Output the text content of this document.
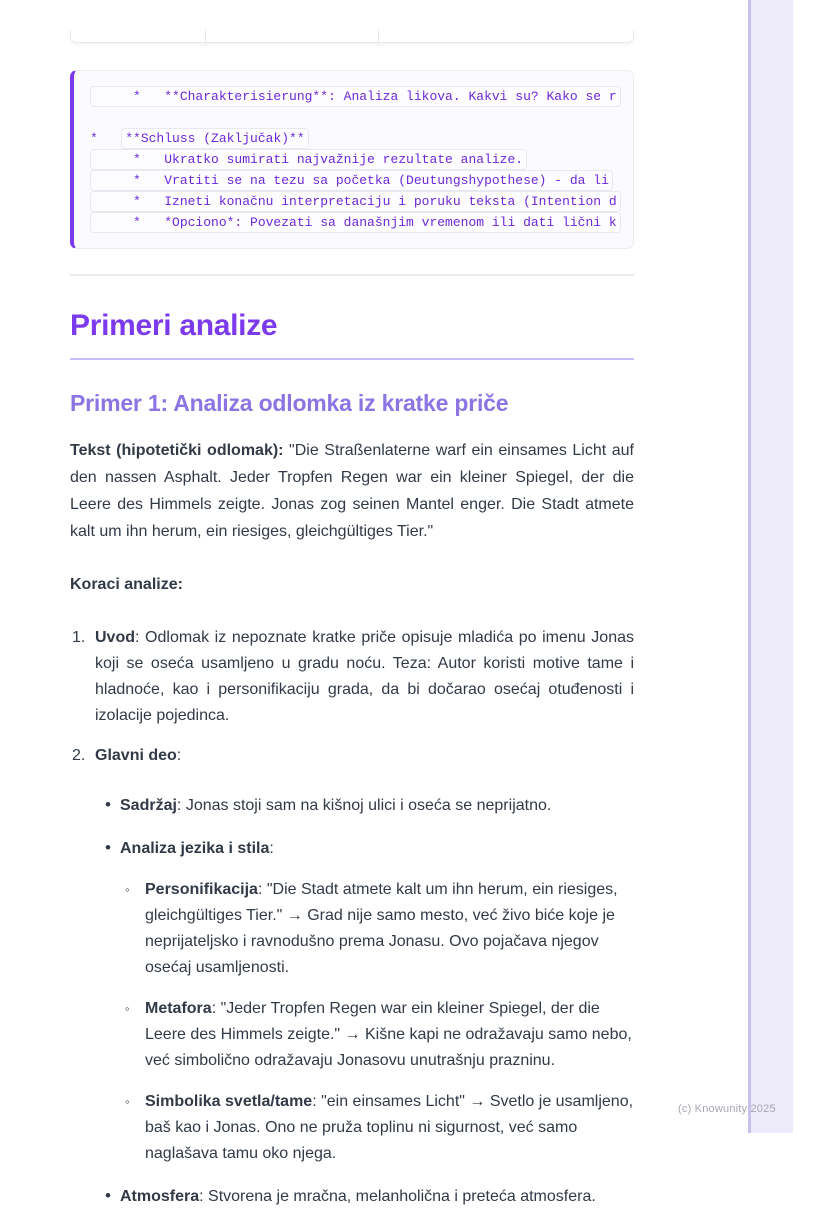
*   **Charakterisierung**: Analiza likova. Kakvi su? Kako se r
*   **Schluss (Zaključak)**
*   Ukratko sumirati najvažnije rezultate analize.
*   Vratiti se na tezu sa početka (Deutungshypothese) - da li
*   Izneti konačnu interpretaciju i poruku teksta (Intention d
*   *Opciono*: Povezati sa današnjim vremenom ili dati lični k
Primeri analize
Primer 1: Analiza odlomka iz kratke priče

Tekst (hipotetički odlomak): "Die Straßenlaterne warf ein einsames Licht auf den nassen Asphalt. Jeder Tropfen Regen war ein kleiner Spiegel, der die Leere des Himmels zeigte. Jonas zog seinen Mantel enger. Die Stadt atmete kalt um ihn herum, ein riesiges, gleichgültiges Tier."

Koraci analize:

1. Uvod: Odlomak iz nepoznate kratke priče opisuje mladića po imenu Jonas koji se oseća usamljeno u gradu noću. Teza: Autor koristi motive tame i hladnoće, kao i personifikaciju grada, da bi dočarao osećaj otuđenosti i izolacije pojedinca.
2. Glavni deo:
• Sadržaj: Jonas stoji sam na kišnoj ulici i oseća se neprijatno.
• Analiza jezika i stila:
◦ Personifikacija: "Die Stadt atmete kalt um ihn herum, ein riesiges, gleichgültiges Tier." → Grad nije samo mesto, već živo biće koje je neprijateljsko i ravnodušno prema Jonasu. Ovo pojačava njegov osećaj usamljenosti.
◦ Metafora: "Jeder Tropfen Regen war ein kleiner Spiegel, der die Leere des Himmels zeigte." → Kišne kapi ne odražavaju samo nebo, već simbolično odražavaju Jonasovu unutrašnju prazninu.
◦ Simbolika svetla/tame: "ein einsames Licht" → Svetlo je usamljeno, baš kao i Jonas. Ono ne pruža toplinu ni sigurnost, već samo naglašava tamu oko njega.
• Atmosfera: Stvorena je mračna, melanholična i preteća atmosfera.
(c) Knowunity 2025
